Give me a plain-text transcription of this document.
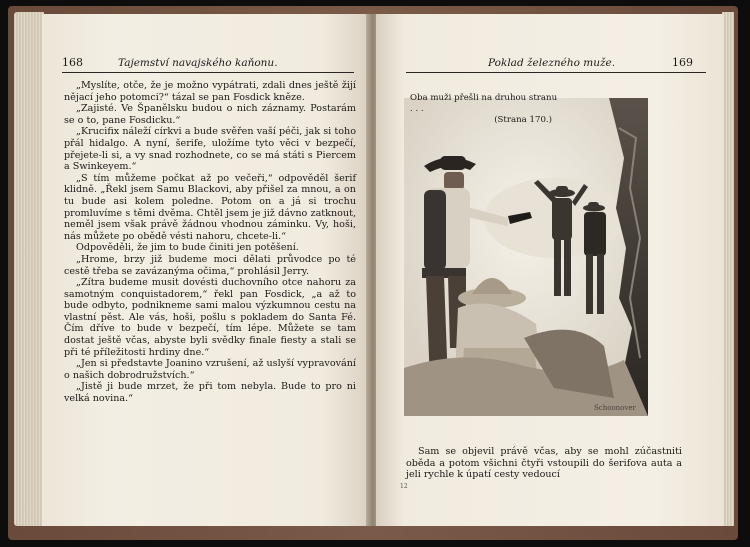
168	Tajemství navajského kaňonu.

„Myslíte, otče, že je možno vypátrati, zdali dnes ještě žijí nějací jeho potomci?“ tázal se pan Fosdick kněze.

„Zajisté. Ve Španělsku budou o nich záznamy. Postarám se o to, pane Fosdicku.“

„Krucifix náleží církvi a bude svěřen vaší péči, jak si toho přál hidalgo. A nyní, šerife, uložíme tyto věci v bezpečí, přejete-li si, a vy snad rozhodnete, co se má státi s Piercem a Swinkeyem.“

„S tím můžeme počkat až po večeři,“ odpověděl šerif klidně. „Řekl jsem Samu Blackovi, aby přišel za mnou, a on tu bude asi kolem poledne. Potom on a já si trochu promluvíme s těmi dvěma. Chtěl jsem je již dávno zatknout, neměl jsem však právě žádnou vhodnou záminku. Vy, hoši, nás můžete po obědě vésti nahoru, chcete-li.“

Odpověděli, že jim to bude činiti jen potěšení.

„Hrome, brzy již budeme moci dělati průvodce po té cestě třeba se zavázanýma očima,“ prohlásil Jerry.

„Zítra budeme musit dovésti duchovního otce nahoru za samotným conquistadorem,“ řekl pan Fosdick, „a až to bude odbyto, podnikneme sami malou výzkumnou cestu na vlastní pěst. Ale vás, hoši, pošlu s pokladem do Santa Fé. Čím dříve to bude v bezpečí, tím lépe. Můžete se tam dostat ještě včas, abyste byli svědky finale fiesty a stali se při té příležitosti hrdiny dne.“

„Jen si představte Joanino vzrušení, až uslyší vypravování o našich dobrodružstvích.“

„Jistě ji bude mrzet, že při tom nebyla. Bude to pro ni velká novina.“

Poklad železného muže.	169
Schoonover
Oba muži přešli na druhou stranu . . .
(Strana 170.)

Sam se objevil právě včas, aby se mohl zúčastniti oběda a potom všichni čtyři vstoupili do šerifova auta a jeli rychle k úpatí cesty vedoucí

12
